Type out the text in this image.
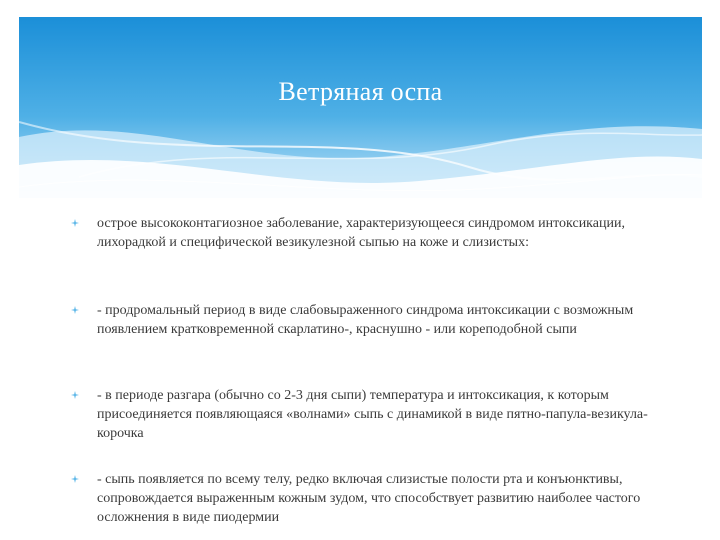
Ветряная оспа
острое высококонтагиозное заболевание, характеризующееся синдромом интоксикации, лихорадкой и специфической везикулезной сыпью на коже и слизистых:
- продромальный период в виде слабовыраженного синдрома интоксикации с возможным появлением кратковременной скарлатино-, краснушно - или кореподобной сыпи
- в периоде разгара (обычно со 2-3 дня сыпи) температура и интоксикация, к которым присоединяется появляющаяся «волнами» сыпь с динамикой в виде пятно-папула-везикула-корочка
- сыпь появляется по всему телу, редко включая слизистые полости рта и конъюнктивы, сопровождается выраженным кожным зудом, что способствует развитию наиболее частого осложнения в виде пиодермии
